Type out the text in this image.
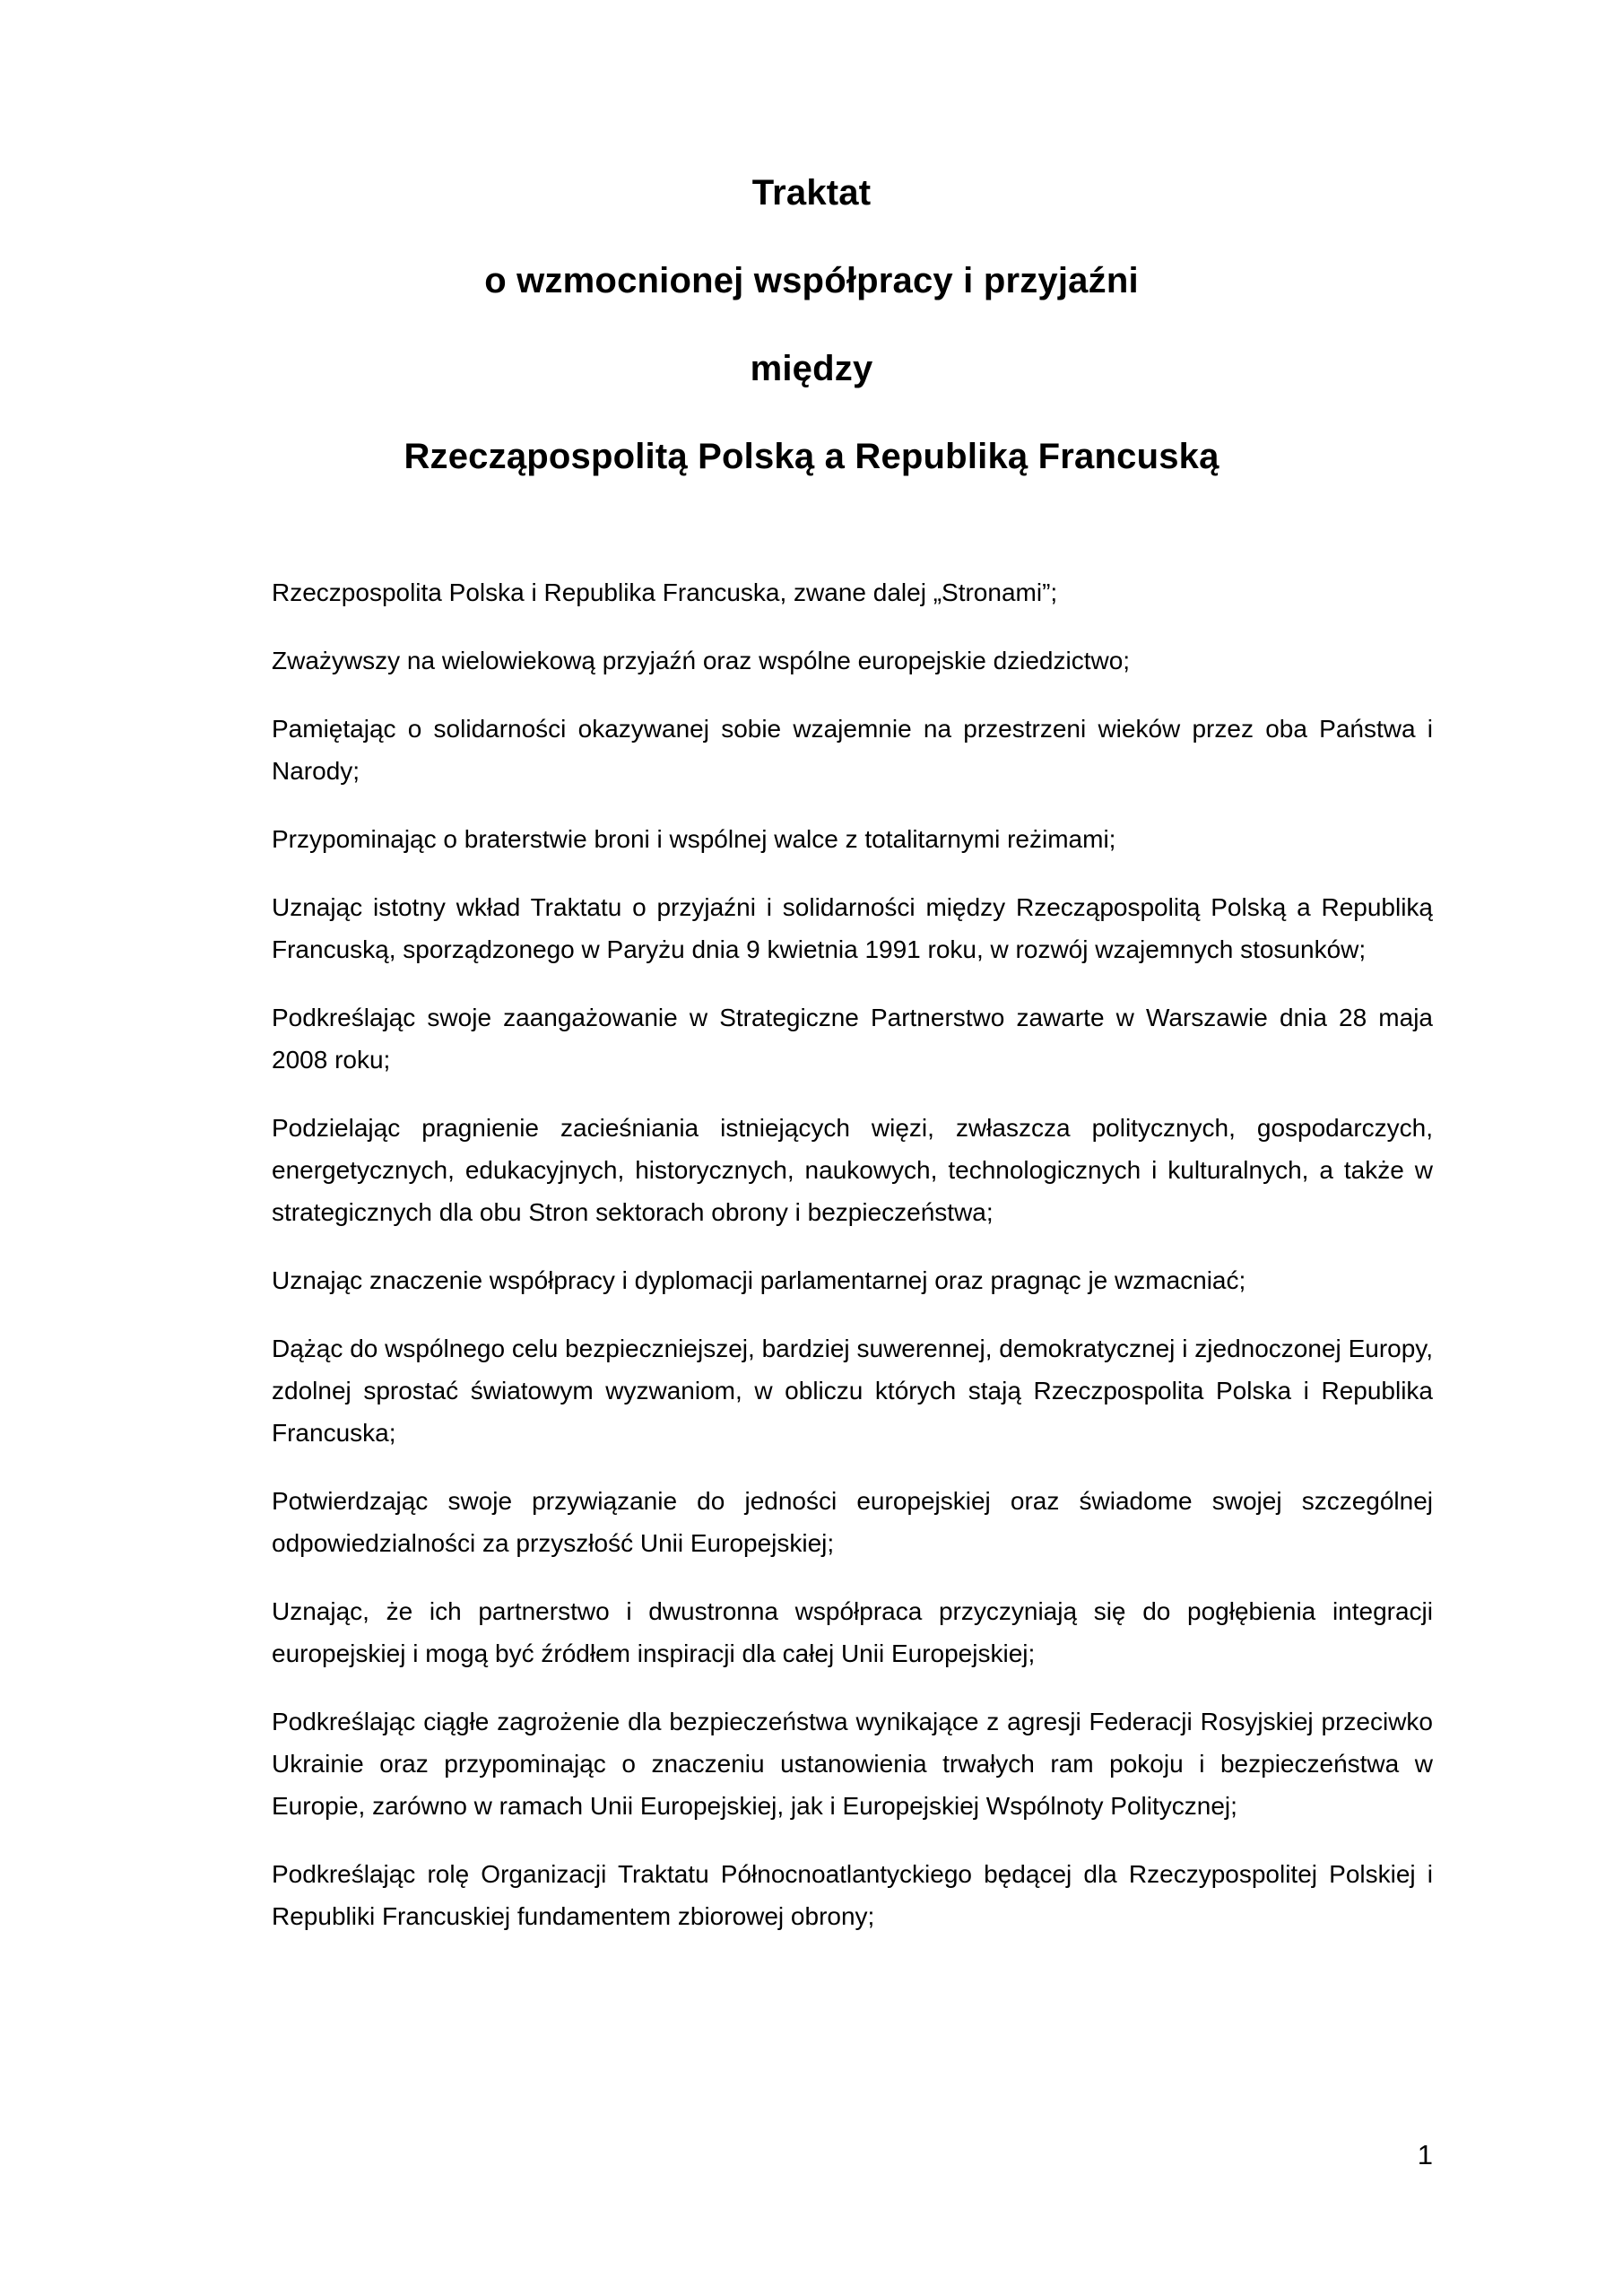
Traktat
o wzmocnionej współpracy i przyjaźni
między
Rzecząpospolitą Polską a Republiką Francuską

Rzeczpospolita Polska i Republika Francuska, zwane dalej „Stronami”;

Zważywszy na wielowiekową przyjaźń oraz wspólne europejskie dziedzictwo;

Pamiętając o solidarności okazywanej sobie wzajemnie na przestrzeni wieków przez oba Państwa i Narody;

Przypominając o braterstwie broni i wspólnej walce z totalitarnymi reżimami;

Uznając istotny wkład Traktatu o przyjaźni i solidarności między Rzecząpospolitą Polską a Republiką Francuską, sporządzonego w Paryżu dnia 9 kwietnia 1991 roku, w rozwój wzajemnych stosunków;

Podkreślając swoje zaangażowanie w Strategiczne Partnerstwo zawarte w Warszawie dnia 28 maja 2008 roku;

Podzielając pragnienie zacieśniania istniejących więzi, zwłaszcza politycznych, gospodarczych, energetycznych, edukacyjnych, historycznych, naukowych, technologicznych i kulturalnych, a także w strategicznych dla obu Stron sektorach obrony i bezpieczeństwa;

Uznając znaczenie współpracy i dyplomacji parlamentarnej oraz pragnąc je wzmacniać;

Dążąc do wspólnego celu bezpieczniejszej, bardziej suwerennej, demokratycznej i zjednoczonej Europy, zdolnej sprostać światowym wyzwaniom, w obliczu których stają Rzeczpospolita Polska i Republika Francuska;

Potwierdzając swoje przywiązanie do jedności europejskiej oraz świadome swojej szczególnej odpowiedzialności za przyszłość Unii Europejskiej;

Uznając, że ich partnerstwo i dwustronna współpraca przyczyniają się do pogłębienia integracji europejskiej i mogą być źródłem inspiracji dla całej Unii Europejskiej;

Podkreślając ciągłe zagrożenie dla bezpieczeństwa wynikające z agresji Federacji Rosyjskiej przeciwko Ukrainie oraz przypominając o znaczeniu ustanowienia trwałych ram pokoju i bezpieczeństwa w Europie, zarówno w ramach Unii Europejskiej, jak i Europejskiej Wspólnoty Politycznej;

Podkreślając rolę Organizacji Traktatu Północnoatlantyckiego będącej dla Rzeczypospolitej Polskiej i Republiki Francuskiej fundamentem zbiorowej obrony;

1
